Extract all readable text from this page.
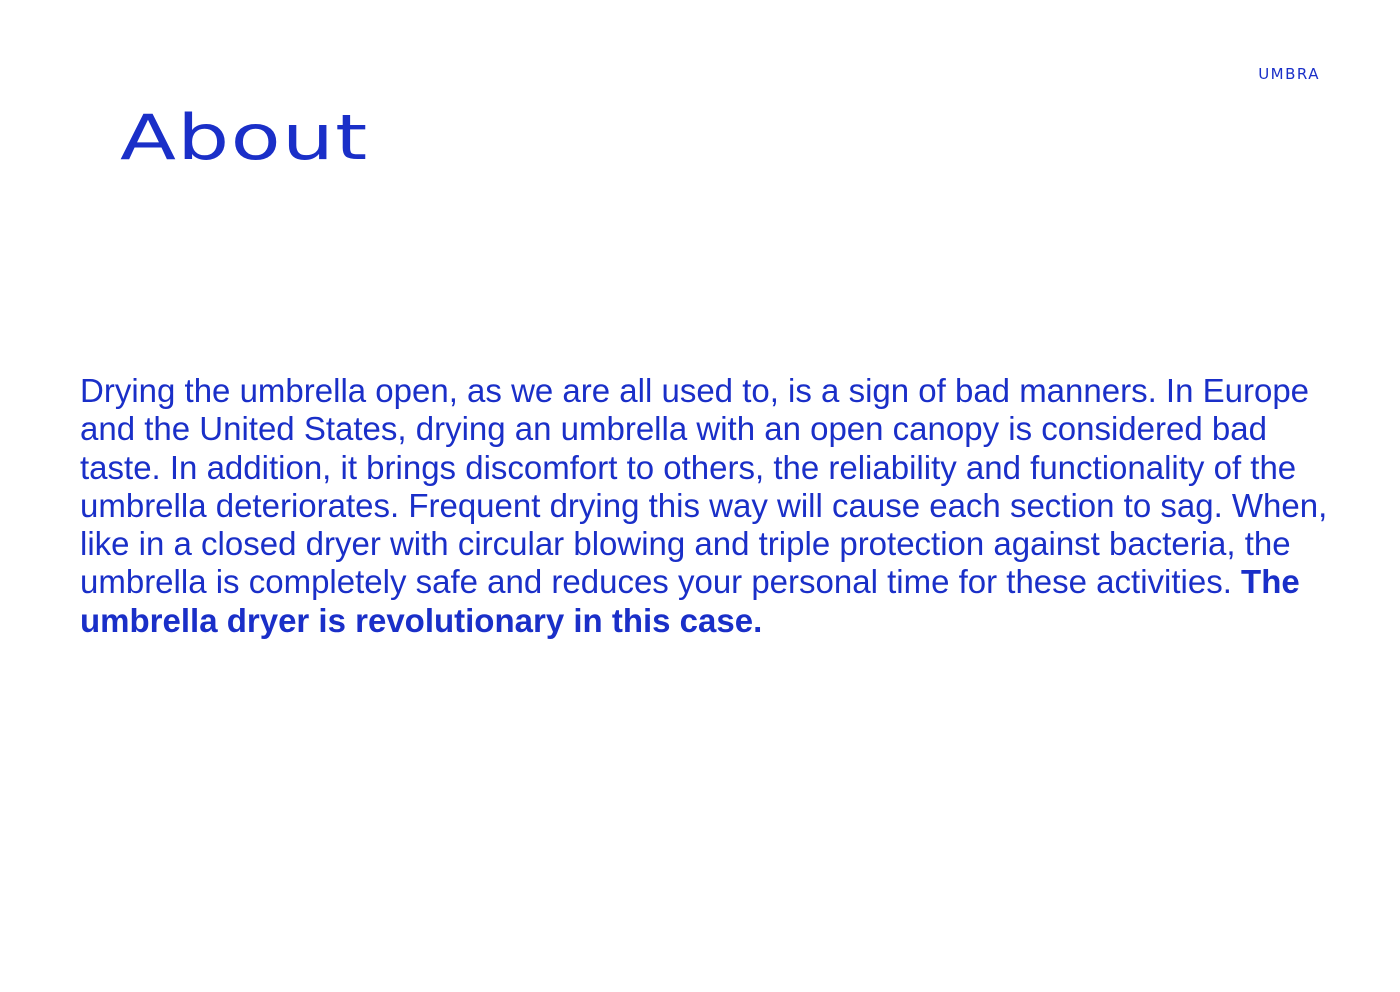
UMBRA
About

Drying the umbrella open, as we are all used to, is a sign of bad manners. In Europe and the United States, drying an umbrella with an open canopy is considered bad taste. In addition, it brings discomfort to others, the reliability and functionality of the umbrella deteriorates. Frequent drying this way will cause each section to sag. When, like in a closed dryer with circular blowing and triple protection against bacteria, the umbrella is completely safe and reduces your personal time for these activities. The umbrella dryer is revolutionary in this case.
